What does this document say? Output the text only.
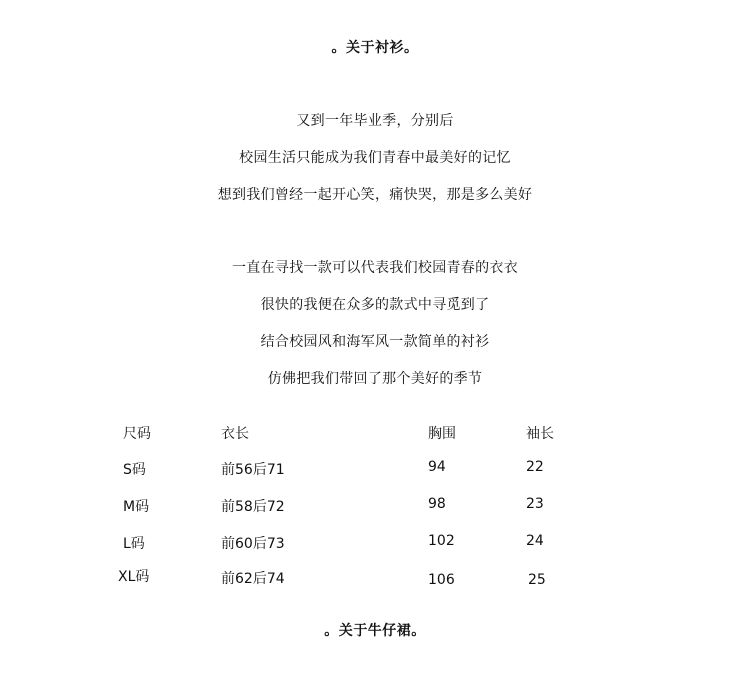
。关于衬衫。
又到一年毕业季，分别后
校园生活只能成为我们青春中最美好的记忆
想到我们曾经一起开心笑，痛快哭，那是多么美好
一直在寻找一款可以代表我们校园青春的衣衣
很快的我便在众多的款式中寻觅到了
结合校园风和海军风一款简单的衬衫
仿佛把我们带回了那个美好的季节
尺码	衣长	胸围	袖长
S码	前56后71	94	22
M码	前58后72	98	23
L码	前60后73	102	24
XL码	前62后74	106	25
。关于牛仔裙。
